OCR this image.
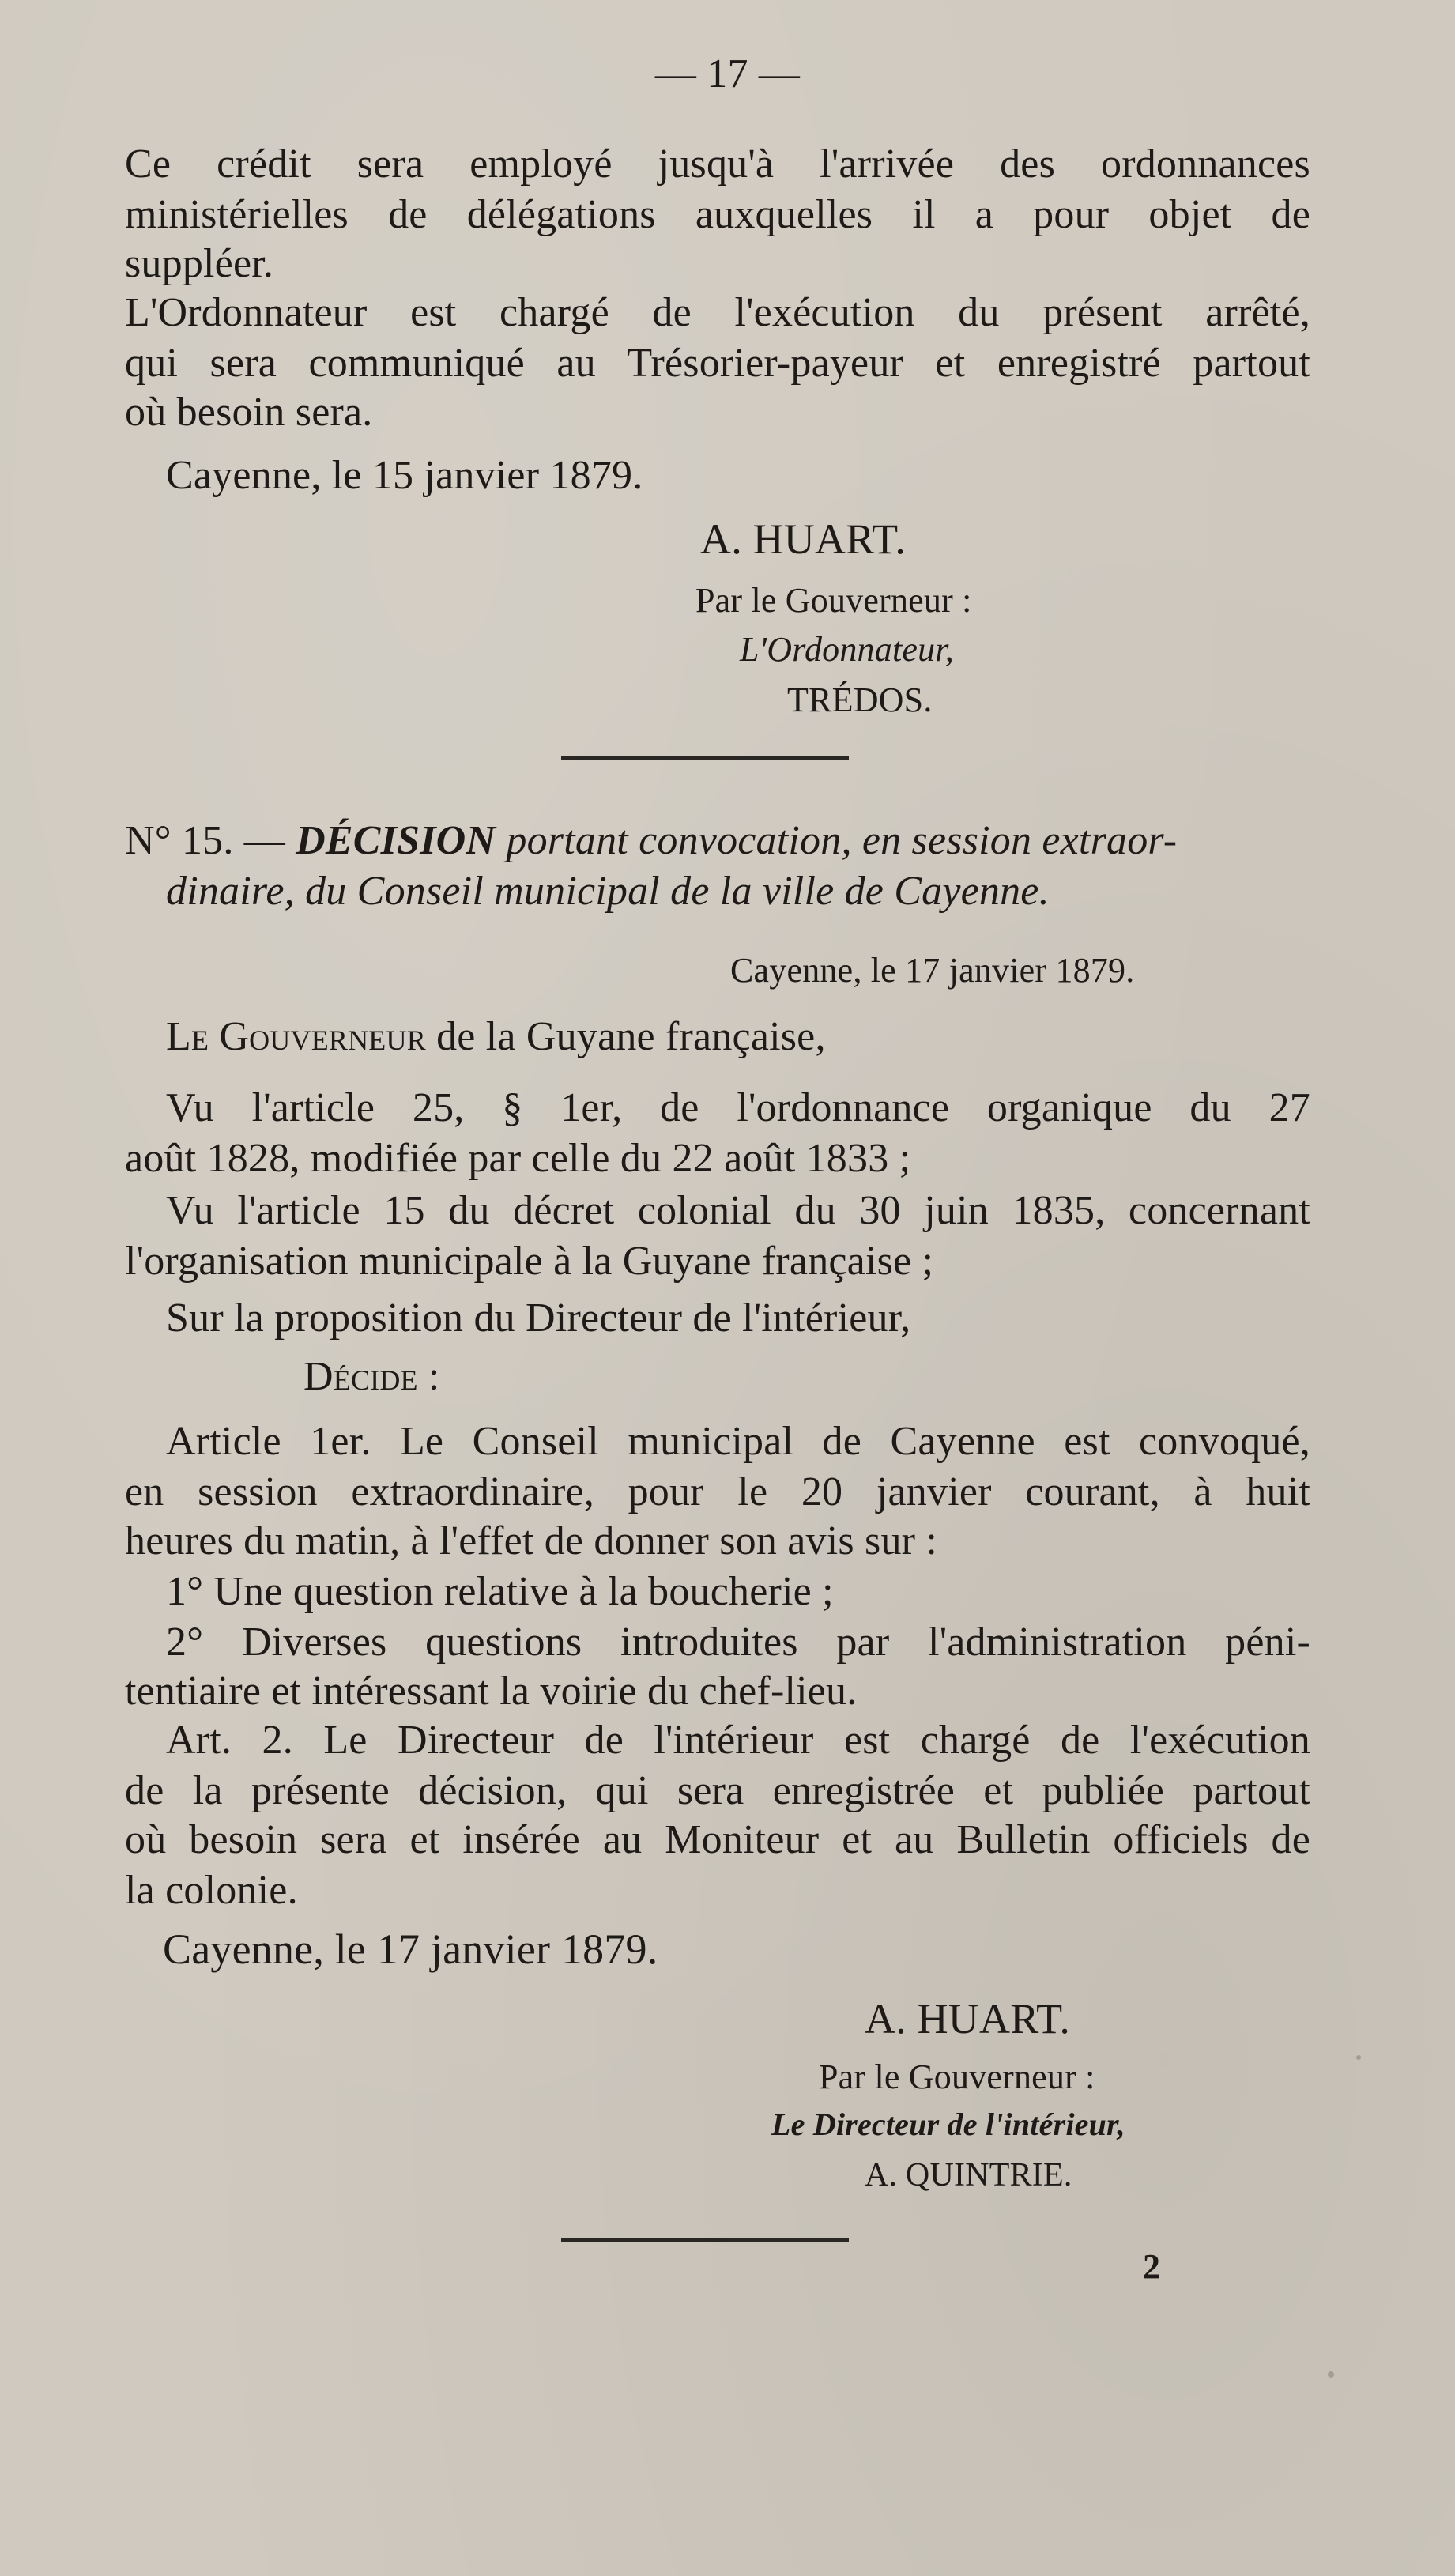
— 17 —
Ce crédit sera employé jusqu'à l'arrivée des ordonnances
ministérielles de délégations auxquelles il a pour objet de
suppléer.
L'Ordonnateur est chargé de l'exécution du présent arrêté,
qui sera communiqué au Trésorier-payeur et enregistré partout
où besoin sera.
Cayenne, le 15 janvier 1879.
A. HUART.
Par le Gouverneur :
L'Ordonnateur,
TRÉDOS.
N° 15. — DÉCISION portant convocation, en session extraor-
dinaire, du Conseil municipal de la ville de Cayenne.
Cayenne, le 17 janvier 1879.
Le Gouverneur de la Guyane française,
Vu l'article 25, § 1er, de l'ordonnance organique du 27
août 1828, modifiée par celle du 22 août 1833 ;
Vu l'article 15 du décret colonial du 30 juin 1835, concernant
l'organisation municipale à la Guyane française ;
Sur la proposition du Directeur de l'intérieur,
Décide :
Article 1er. Le Conseil municipal de Cayenne est convoqué,
en session extraordinaire, pour le 20 janvier courant, à huit
heures du matin, à l'effet de donner son avis sur :
1° Une question relative à la boucherie ;
2° Diverses questions introduites par l'administration péni-
tentiaire et intéressant la voirie du chef-lieu.
Art. 2. Le Directeur de l'intérieur est chargé de l'exécution
de la présente décision, qui sera enregistrée et publiée partout
où besoin sera et insérée au Moniteur et au Bulletin officiels de
la colonie.
Cayenne, le 17 janvier 1879.
A. HUART.
Par le Gouverneur :
Le Directeur de l'intérieur,
A. QUINTRIE.
2
